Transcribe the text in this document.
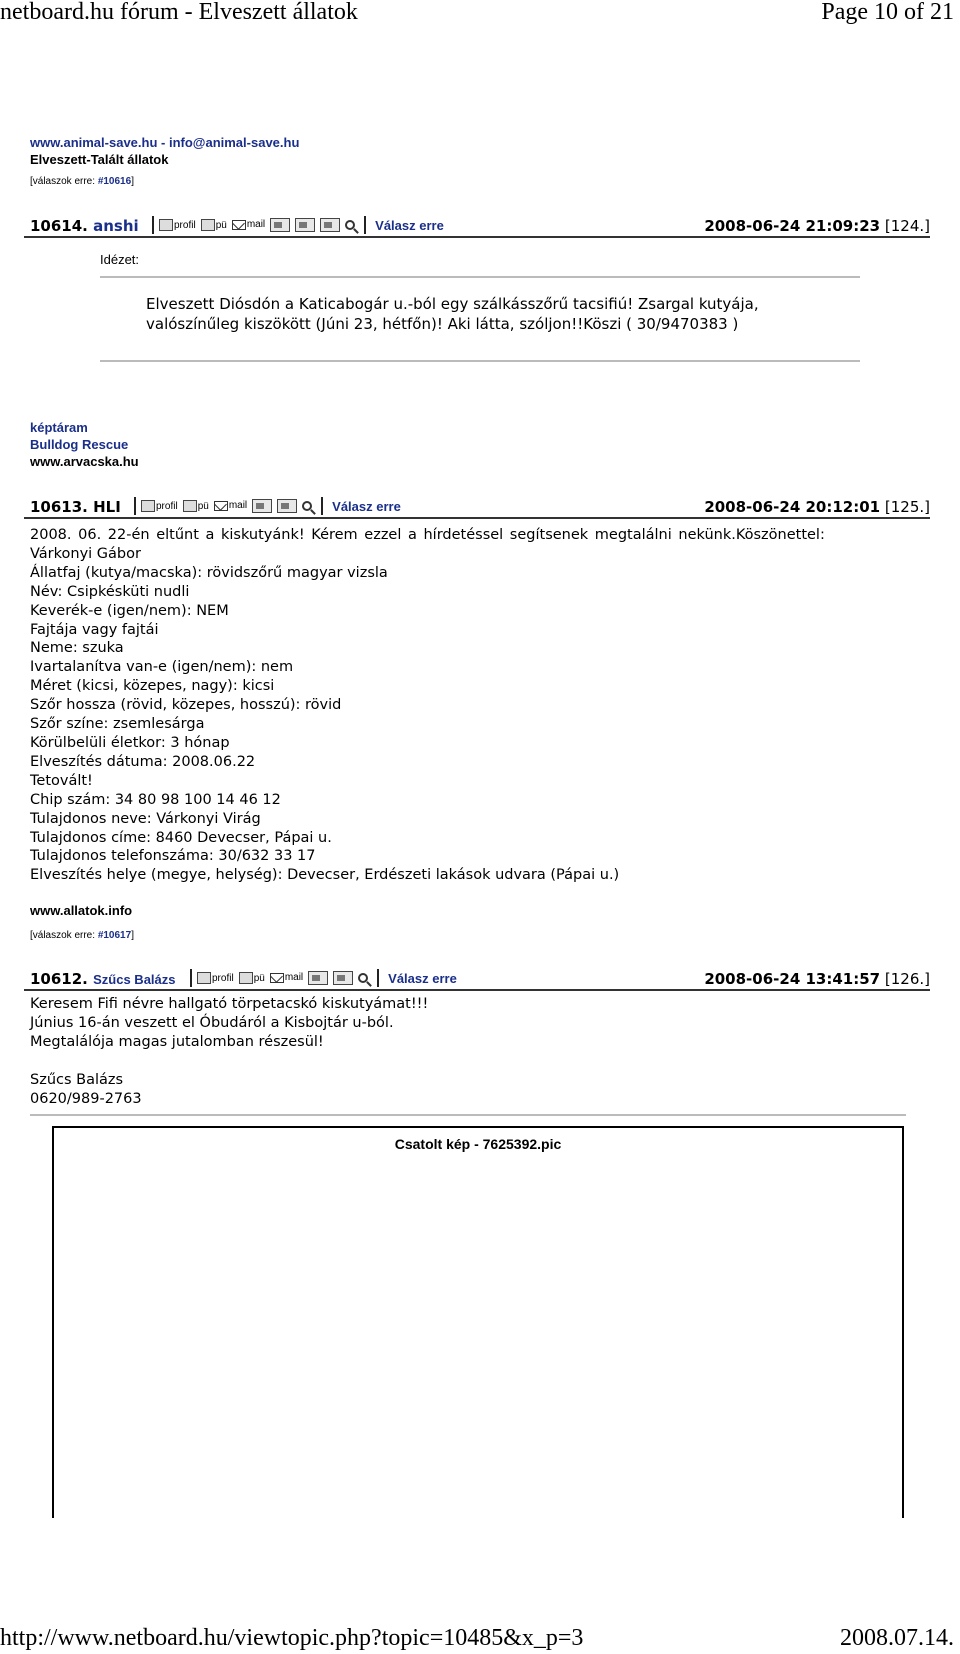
netboard.hu fórum - Elveszett állatok	Page 10 of 21
www.animal-save.hu - info@animal-save.hu
Elveszett-Talált állatok
[válaszok erre: #10616]
10614. anshi	profil pü mail	Válasz erre	2008-06-24 21:09:23 [124.]
Idézet:
Elveszett Diósdón a Katicabogár u.-ból egy szálkásszőrű tacsifiú! Zsargal kutyája,
valószínűleg kiszökött (Júni 23, hétfőn)! Aki látta, szóljon!!Köszi ( 30/9470383 )
képtáram
Bulldog Rescue
www.arvacska.hu
10613. HLI	profil pü mail	Válasz erre	2008-06-24 20:12:01 [125.]
2008. 06. 22-én eltűnt a kiskutyánk! Kérem ezzel a hírdetéssel segítsenek megtalálni nekünk.Köszönettel:
Várkonyi Gábor
Állatfaj (kutya/macska): rövidszőrű magyar vizsla
Név: Csipkésküti nudli
Keverék-e (igen/nem): NEM
Fajtája vagy fajtái
Neme: szuka
Ivartalanítva van-e (igen/nem): nem
Méret (kicsi, közepes, nagy): kicsi
Szőr hossza (rövid, közepes, hosszú): rövid
Szőr színe: zsemlesárga
Körülbelüli életkor: 3 hónap
Elveszítés dátuma: 2008.06.22
Tetovált!
Chip szám: 34 80 98 100 14 46 12
Tulajdonos neve: Várkonyi Virág
Tulajdonos címe: 8460 Devecser, Pápai u.
Tulajdonos telefonszáma: 30/632 33 17
Elveszítés helye (megye, helység): Devecser, Erdészeti lakások udvara (Pápai u.)
www.allatok.info
[válaszok erre: #10617]
10612. Szűcs Balázs	profil pü mail	Válasz erre	2008-06-24 13:41:57 [126.]
Keresem Fifi névre hallgató törpetacskó kiskutyámat!!!
Június 16-án veszett el Óbudáról a Kisbojtár u-ból.
Megtalálója magas jutalomban részesül!
Szűcs Balázs
0620/989-2763
Csatolt kép - 7625392.pic
http://www.netboard.hu/viewtopic.php?topic=10485&x_p=3	2008.07.14.
